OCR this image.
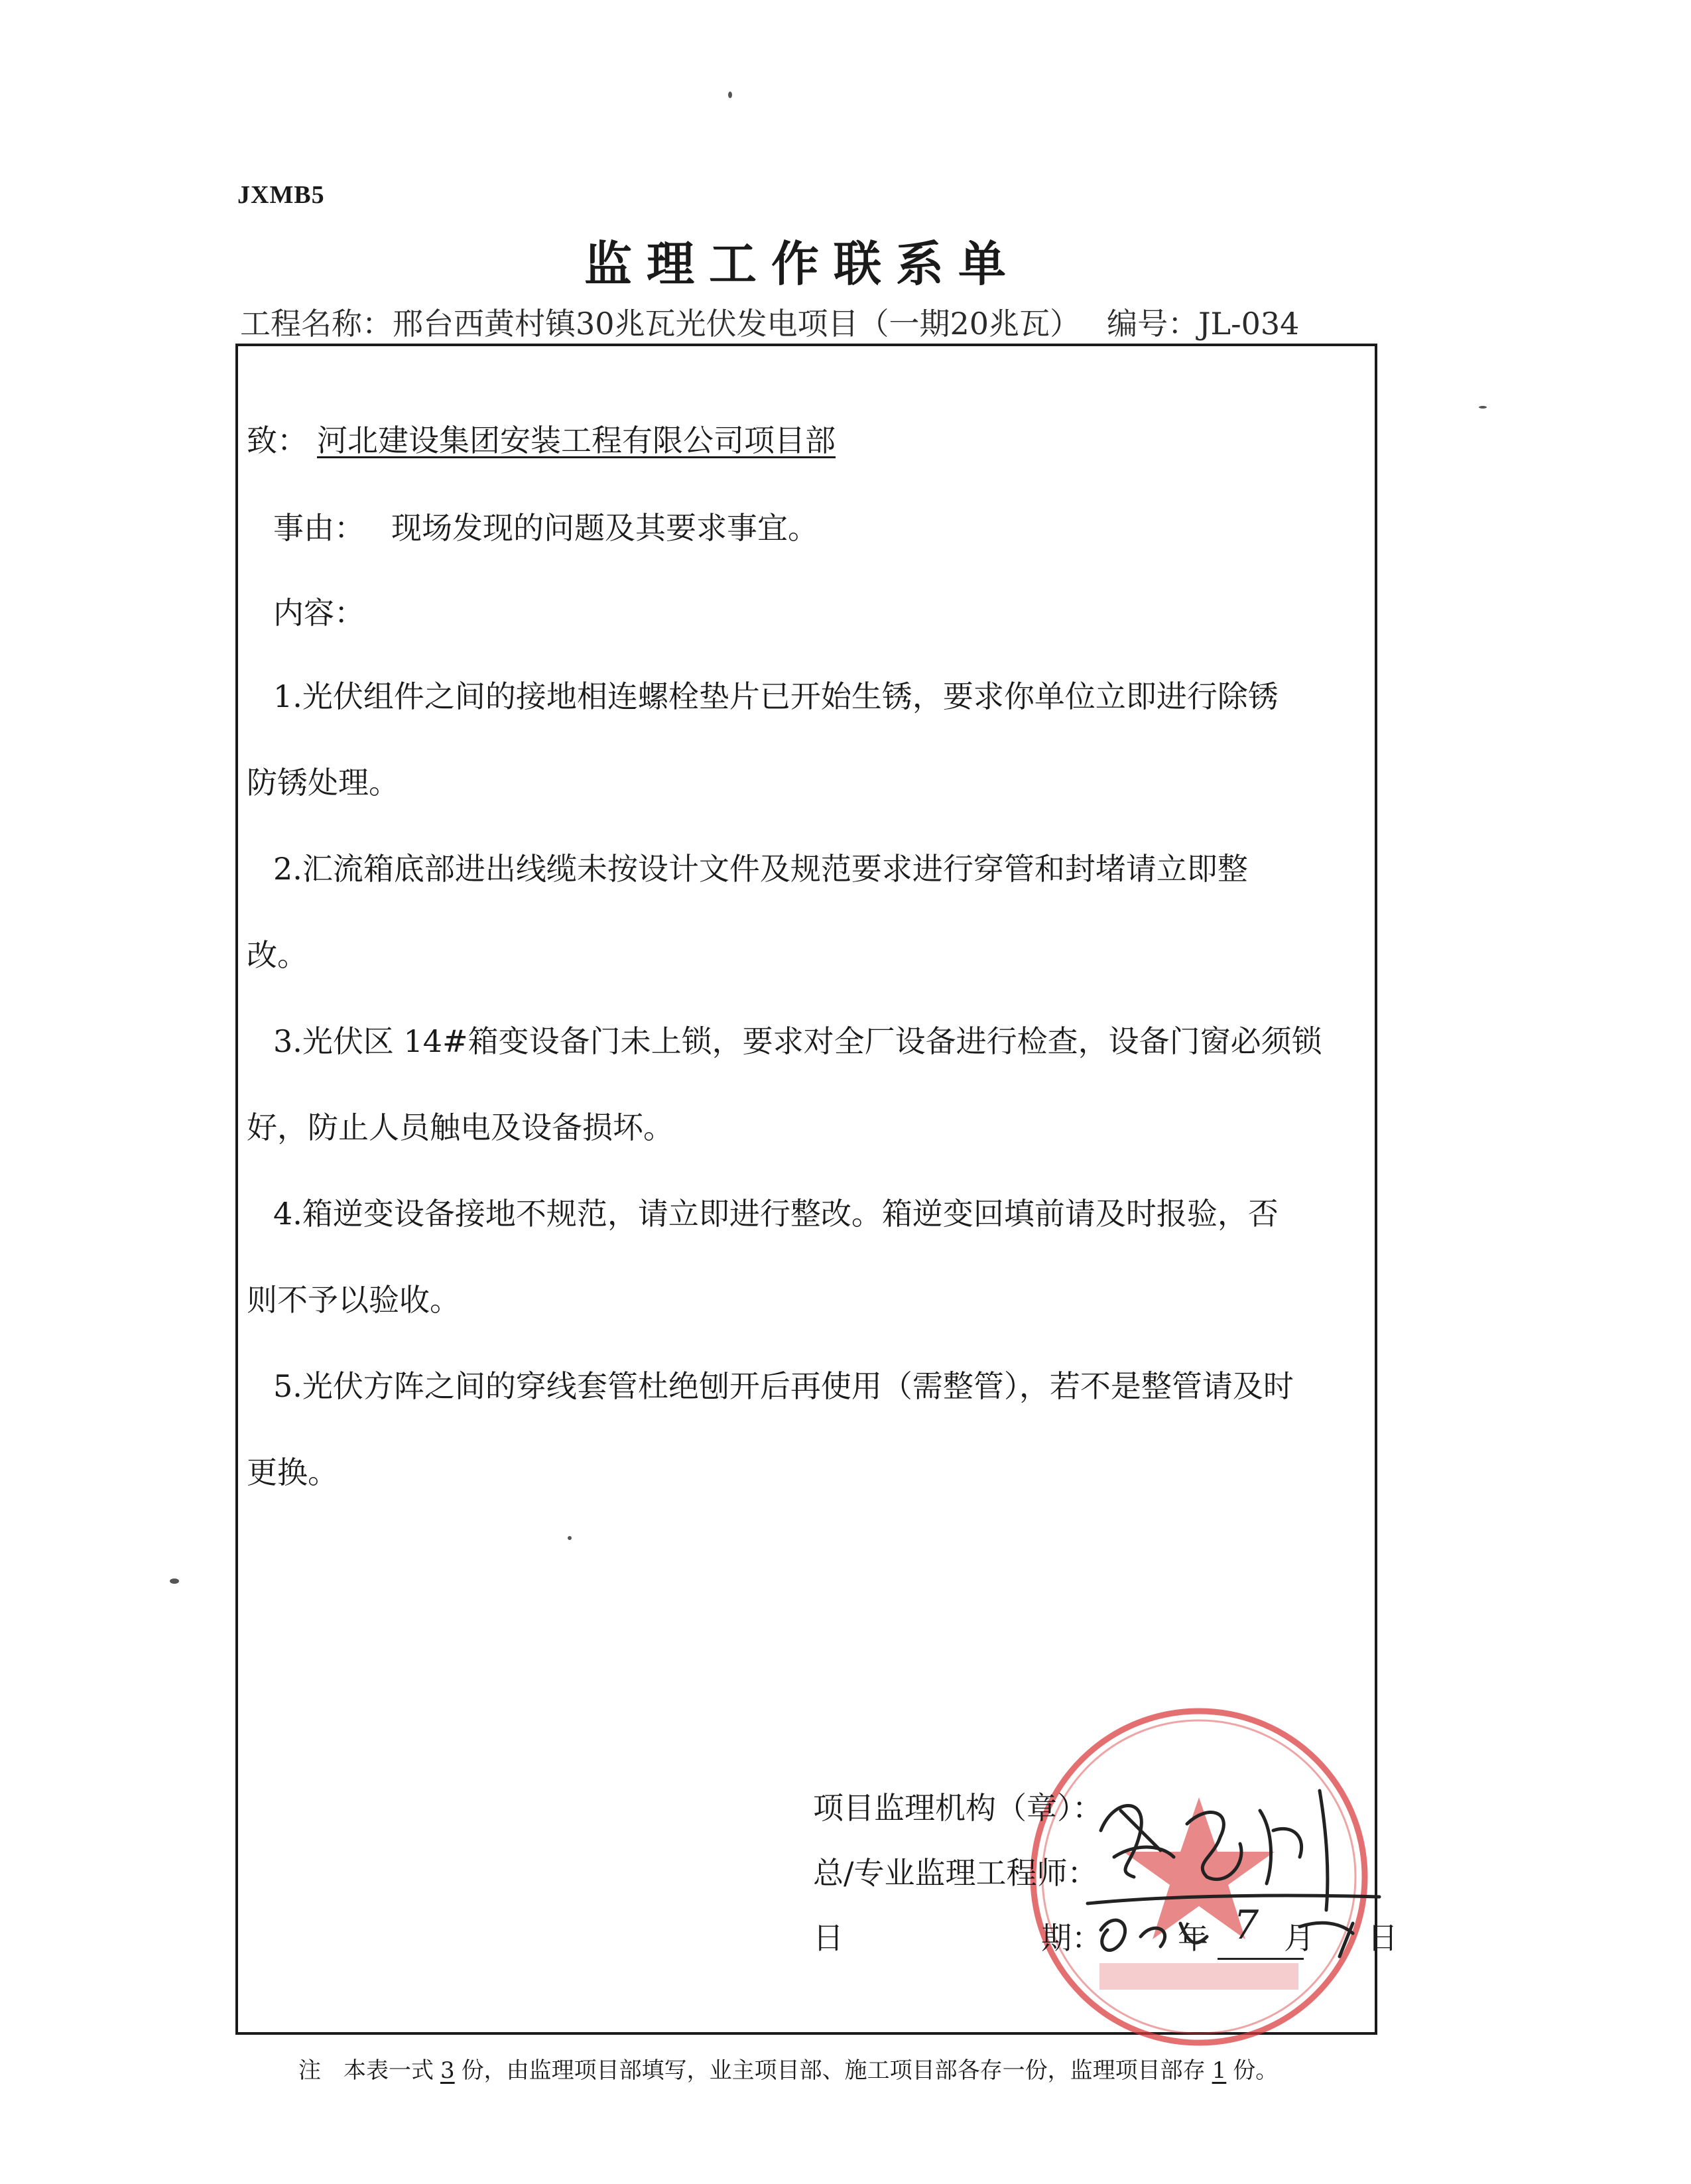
JXMB5
监理工作联系单
工程名称：邢台西黄村镇30兆瓦光伏发电项目（一期20兆瓦） 编号：JL-034
致： 河北建设集团安装工程有限公司项目部
事由： 现场发现的问题及其要求事宜。
内容：
1.光伏组件之间的接地相连螺栓垫片已开始生锈，要求你单位立即进行除锈
防锈处理。
2.汇流箱底部进出线缆未按设计文件及规范要求进行穿管和封堵请立即整
改。
3.光伏区 14#箱变设备门未上锁，要求对全厂设备进行检查，设备门窗必须锁
好，防止人员触电及设备损坏。
4.箱逆变设备接地不规范，请立即进行整改。箱逆变回填前请及时报验，否
则不予以验收。
5.光伏方阵之间的穿线套管杜绝刨开后再使用（需整管），若不是整管请及时
更换。
项目监理机构（章）：
总/专业监理工程师：
日	期： 年 7 月 日
注　本表一式 3 份，由监理项目部填写，业主项目部、施工项目部各存一份，监理项目部存 1 份。
